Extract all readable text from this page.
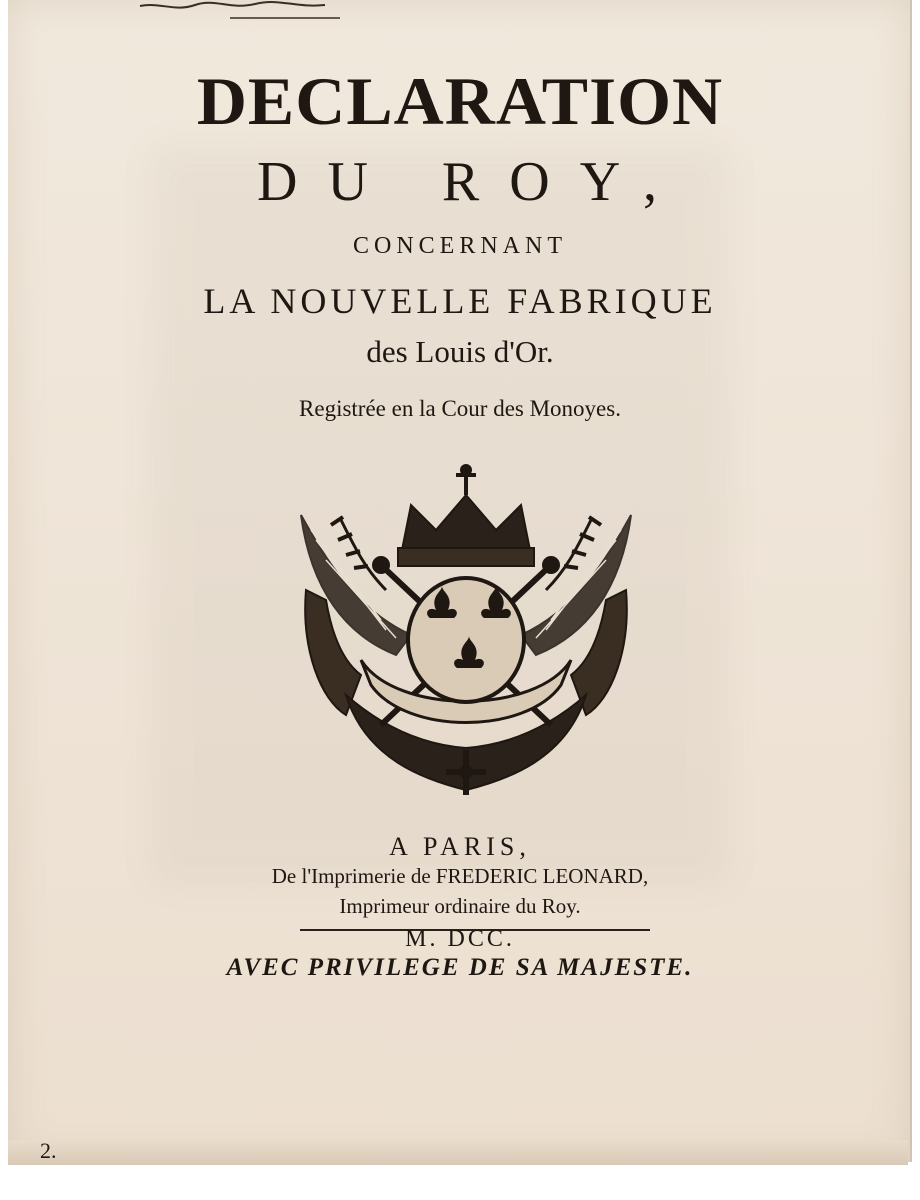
DECLARATION
DU ROY,
CONCERNANT
LA NOUVELLE FABRIQUE
des Louis d'Or.
Registrée en la Cour des Monoyes.
A PARIS,
De l'Imprimerie de FREDERIC LEONARD,
Imprimeur ordinaire du Roy.
M. DCC.
AVEC PRIVILEGE DE SA MAJESTE.
2.
